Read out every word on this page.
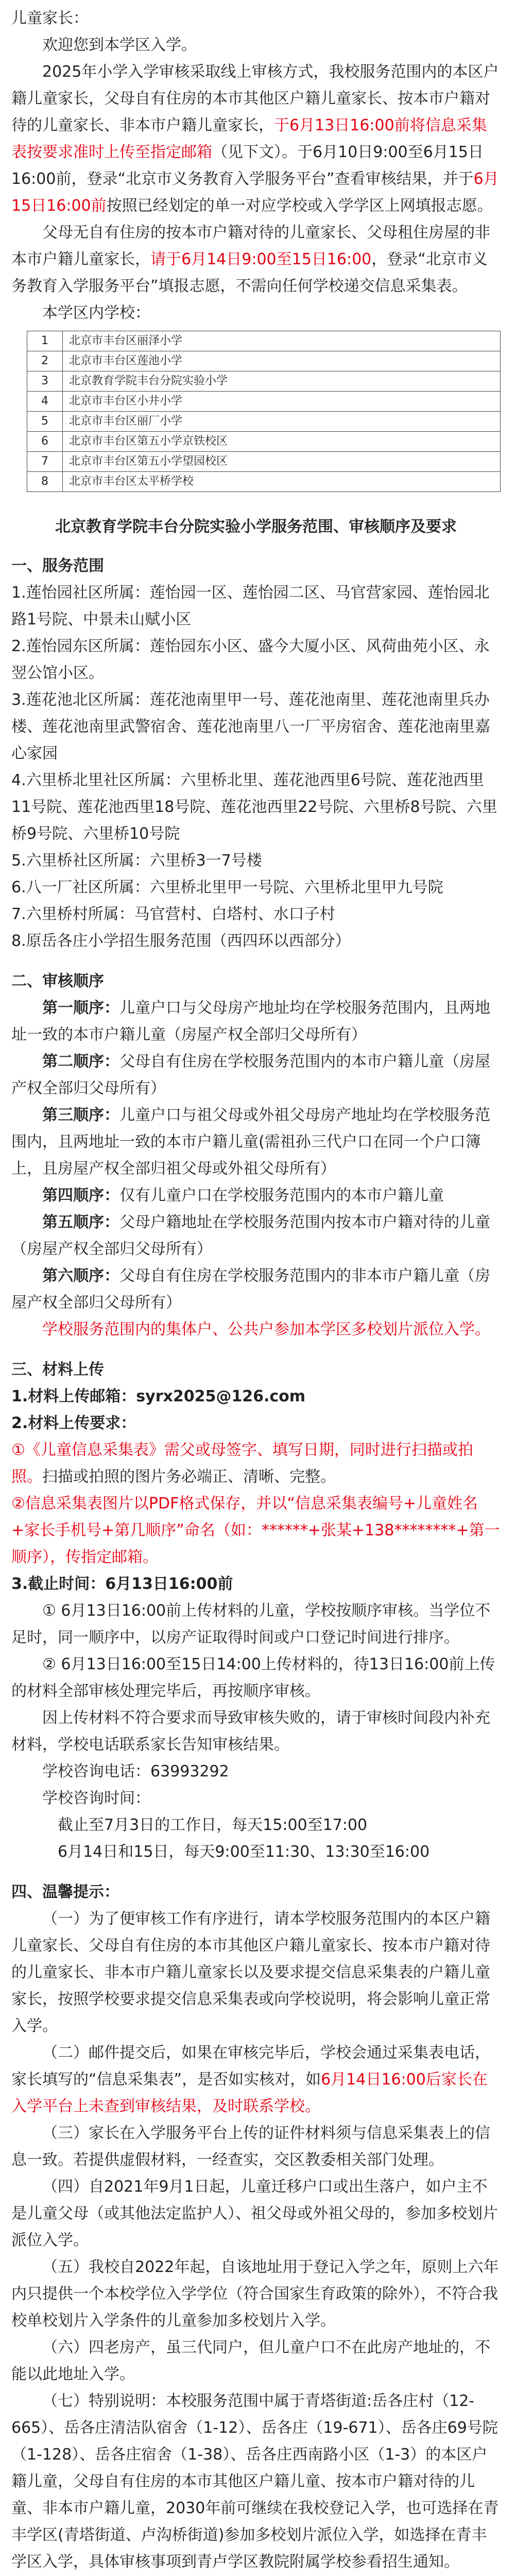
儿童家长：

欢迎您到本学区入学。

2025年小学入学审核采取线上审核方式，我校服务范围内的本区户籍儿童家长，父母自有住房的本市其他区户籍儿童家长、按本市户籍对待的儿童家长、非本市户籍儿童家长，于6月13日16:00前将信息采集表按要求准时上传至指定邮箱（见下文）。于6月10日9:00至6月15日16:00前，登录“北京市义务教育入学服务平台”查看审核结果，并于6月15日16:00前按照已经划定的单一对应学校或入学学区上网填报志愿。

父母无自有住房的按本市户籍对待的儿童家长、父母租住房屋的非本市户籍儿童家长，请于6月14日9:00至15日16:00，登录“北京市义务教育入学服务平台”填报志愿，不需向任何学校递交信息采集表。

本学区内学校：

1	北京市丰台区丽泽小学
2	北京市丰台区莲池小学
3	北京教育学院丰台分院实验小学
4	北京市丰台区小井小学
5	北京市丰台区丽厂小学
6	北京市丰台区第五小学京铁校区
7	北京市丰台区第五小学望园校区
8	北京市丰台区太平桥学校

北京教育学院丰台分院实验小学服务范围、审核顺序及要求

一、服务范围

1.莲怡园社区所属：莲怡园一区、莲怡园二区、马官营家园、莲怡园北路1号院、中景未山赋小区

2.莲怡园东区所属：莲怡园东小区、盛今大厦小区、风荷曲苑小区、永翌公馆小区。

3.莲花池北区所属：莲花池南里甲一号、莲花池南里、莲花池南里兵办楼、莲花池南里武警宿舍、莲花池南里八一厂平房宿舍、莲花池南里嘉心家园

4.六里桥北里社区所属：六里桥北里、莲花池西里6号院、莲花池西里11号院、莲花池西里18号院、莲花池西里22号院、六里桥8号院、六里桥9号院、六里桥10号院

5.六里桥社区所属：六里桥3一7号楼

6.八一厂社区所属：六里桥北里甲一号院、六里桥北里甲九号院

7.六里桥村所属：马官营村、白塔村、水口子村

8.原岳各庄小学招生服务范围（西四环以西部分）

二、审核顺序

第一顺序：儿童户口与父母房产地址均在学校服务范围内，且两地址一致的本市户籍儿童（房屋产权全部归父母所有）

第二顺序：父母自有住房在学校服务范围内的本市户籍儿童（房屋产权全部归父母所有）

第三顺序：儿童户口与祖父母或外祖父母房产地址均在学校服务范围内，且两地址一致的本市户籍儿童(需祖孙三代户口在同一个户口簿上，且房屋产权全部归祖父母或外祖父母所有）

第四顺序：仅有儿童户口在学校服务范围内的本市户籍儿童

第五顺序：父母户籍地址在学校服务范围内按本市户籍对待的儿童（房屋产权全部归父母所有）

第六顺序：父母自有住房在学校服务范围内的非本市户籍儿童（房屋产权全部归父母所有）

学校服务范围内的集体户、公共户参加本学区多校划片派位入学。

三、材料上传

1.材料上传邮箱：syrx2025@126.com

2.材料上传要求：

①《儿童信息采集表》需父或母签字、填写日期，同时进行扫描或拍照。扫描或拍照的图片务必端正、清晰、完整。

②信息采集表图片以PDF格式保存，并以“信息采集表编号+儿童姓名+家长手机号+第几顺序”命名（如：******+张某+138********+第一顺序），传指定邮箱。

3.截止时间：6月13日16:00前

① 6月13日16:00前上传材料的儿童，学校按顺序审核。当学位不足时，同一顺序中，以房产证取得时间或户口登记时间进行排序。

② 6月13日16:00至15日14:00上传材料的，待13日16:00前上传的材料全部审核处理完毕后，再按顺序审核。

因上传材料不符合要求而导致审核失败的，请于审核时间段内补充材料，学校电话联系家长告知审核结果。

学校咨询电话：63993292

学校咨询时间：

截止至7月3日的工作日，每天15:00至17:00

6月14日和15日，每天9:00至11:30、13:30至16:00

四、温馨提示：

（一）为了便审核工作有序进行，请本学校服务范围内的本区户籍儿童家长、父母自有住房的本市其他区户籍儿童家长、按本市户籍对待的儿童家长、非本市户籍儿童家长以及要求提交信息采集表的户籍儿童家长，按照学校要求提交信息采集表或向学校说明，将会影响儿童正常入学。

（二）邮件提交后，如果在审核完毕后，学校会通过采集表电话，家长填写的“信息采集表”，是否如实核对，如6月14日16:00后家长在入学平台上未查到审核结果，及时联系学校。

（三）家长在入学服务平台上传的证件材料须与信息采集表上的信息一致。若提供虚假材料，一经查实，交区教委相关部门处理。

（四）自2021年9月1日起，儿童迁移户口或出生落户，如户主不是儿童父母（或其他法定监护人）、祖父母或外祖父母的，参加多校划片派位入学。

（五）我校自2022年起，自该地址用于登记入学之年，原则上六年内只提供一个本校学位入学学位（符合国家生育政策的除外），不符合我校单校划片入学条件的儿童参加多校划片入学。

（六）四老房产，虽三代同户，但儿童户口不在此房产地址的，不能以此地址入学。

（七）特别说明：本校服务范围中属于青塔街道:岳各庄村（12-665）、岳各庄清洁队宿舍（1-12）、岳各庄（19-671）、岳各庄69号院（1-128）、岳各庄宿舍（1-38）、岳各庄西南路小区（1-3）的本区户籍儿童，父母自有住房的本市其他区户籍儿童、按本市户籍对待的儿童、非本市户籍儿童，2030年前可继续在我校登记入学，也可选择在青丰学区(青塔街道、卢沟桥街道)参加多校划片派位入学，如选择在青丰学区入学，具体审核事项到青卢学区教院附属学校参看招生通知。
